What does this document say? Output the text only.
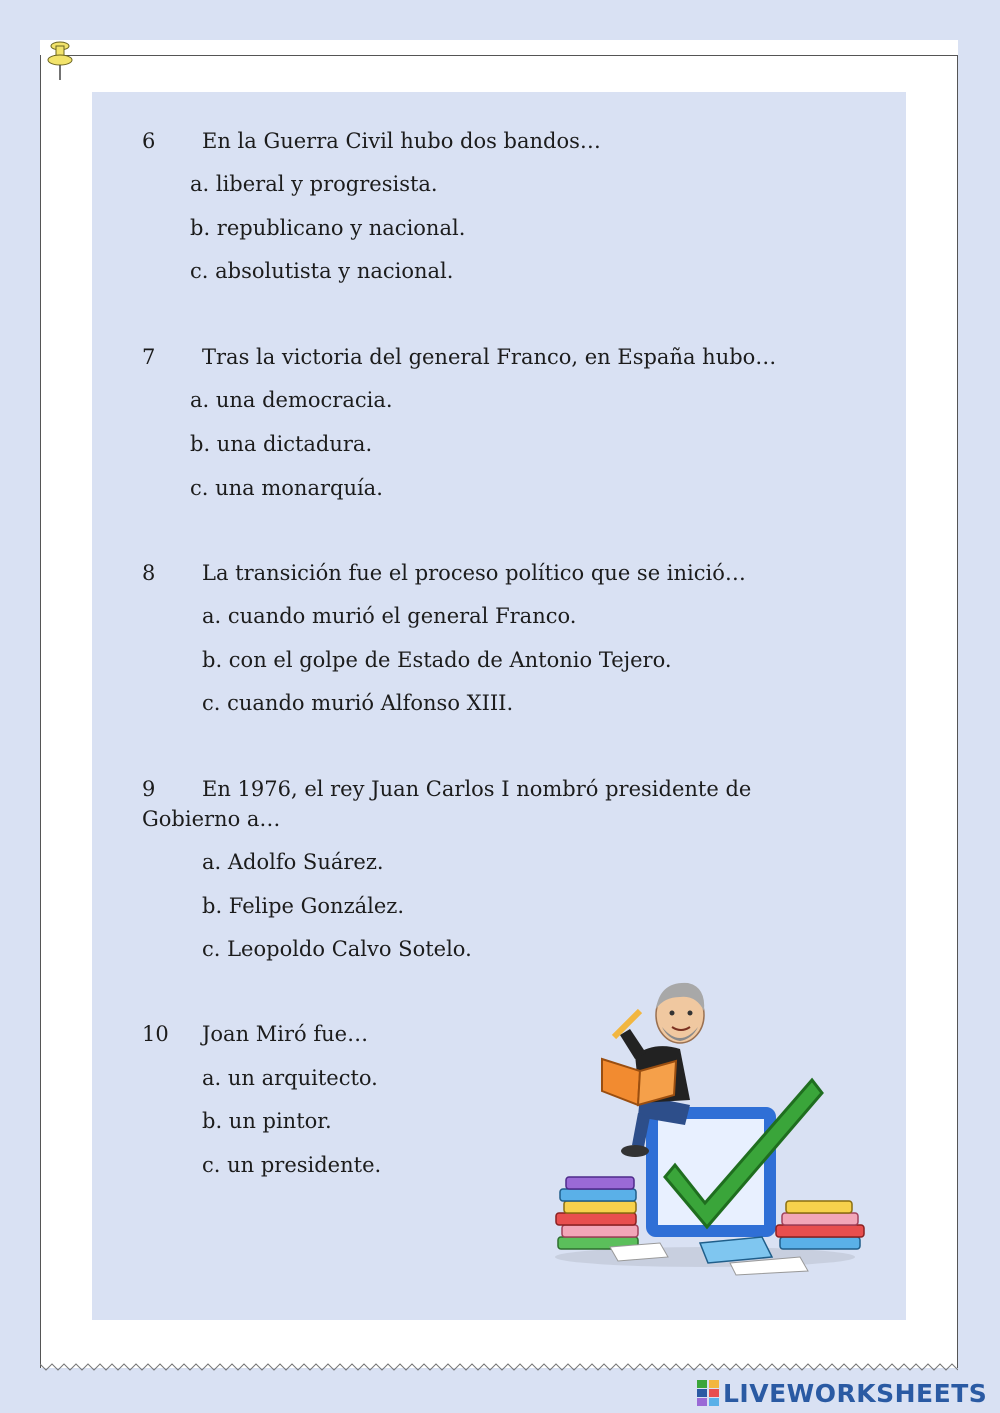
6 En la Guerra Civil hubo dos bandos…
a. liberal y progresista.
b. republicano y nacional.
c. absolutista y nacional.
7 Tras la victoria del general Franco, en España hubo…
a. una democracia.
b. una dictadura.
c. una monarquía.
8 La transición fue el proceso político que se inició…
a. cuando murió el general Franco.
b. con el golpe de Estado de Antonio Tejero.
c. cuando murió Alfonso XIII.
9 En 1976, el rey Juan Carlos I nombró presidente de Gobierno a…
a. Adolfo Suárez.
b. Felipe González.
c. Leopoldo Calvo Sotelo.
10 Joan Miró fue…
a. un arquitecto.
b. un pintor.
c. un presidente.
LIVEWORKSHEETS
